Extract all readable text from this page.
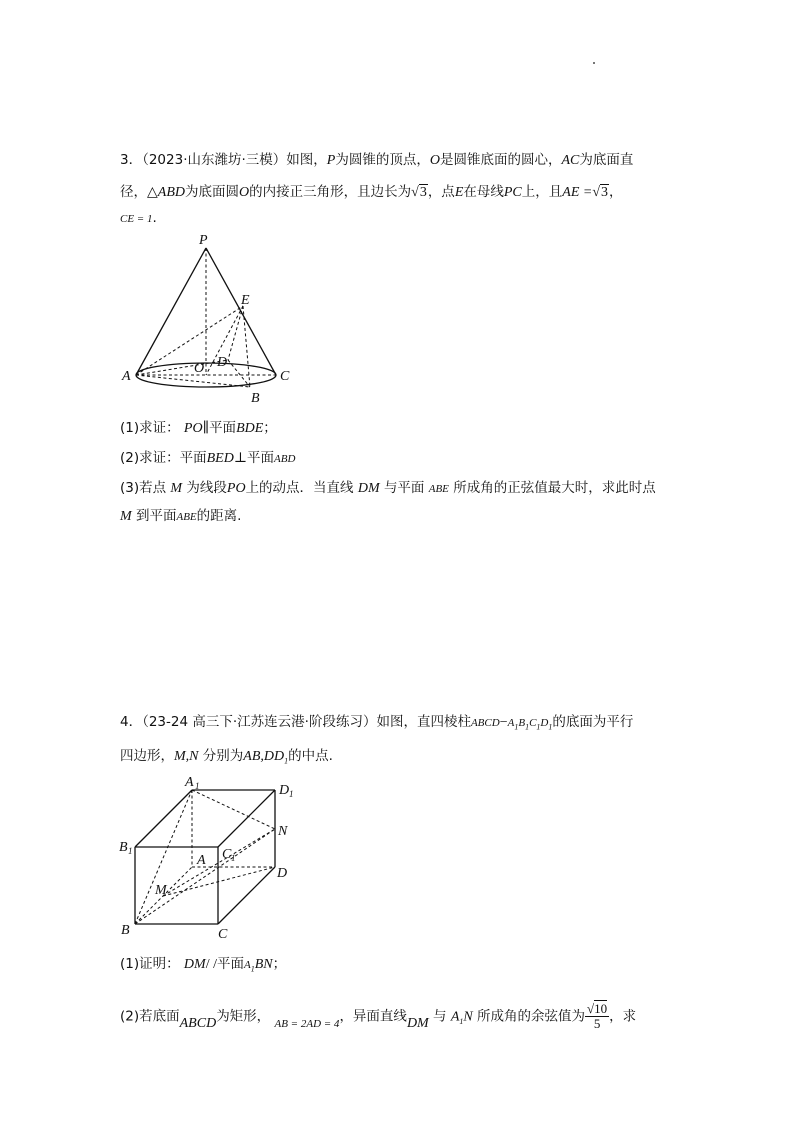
3．（2023·山东潍坊·三模）如图，P为圆锥的顶点，O是圆锥底面的圆心，AC为底面直
径，△ABD为底面圆O的内接正三角形，且边长为√3，点E在母线PC上，且AE =√3，
CE = 1.
P
E
D
O
A	C
B
(1)求证： PO∥平面BDE；
(2)求证：平面BED⊥平面ABD
(3)若点 M 为线段PO上的动点．当直线 DM 与平面 ABE 所成角的正弦值最大时，求此时点
M 到平面ABE的距离.
4．（23-24 高三下·江苏连云港·阶段练习）如图，直四棱柱$ABCD-A_1B_1C_1D_1$的底面为平行
四边形，M,N 分别为$AB,DD_1$的中点.
A 1	D 1
N
B 1	C 1
A
D
M
B	C
(1)证明： DM/ /平面$A_1BN$；
(2)若底面ABCD为矩形， $_{AB = 2AD = 4}$，异面直线DM 与 $A_1N$ 所成角的余弦值为 $\frac{√10}{5}$ ，求
